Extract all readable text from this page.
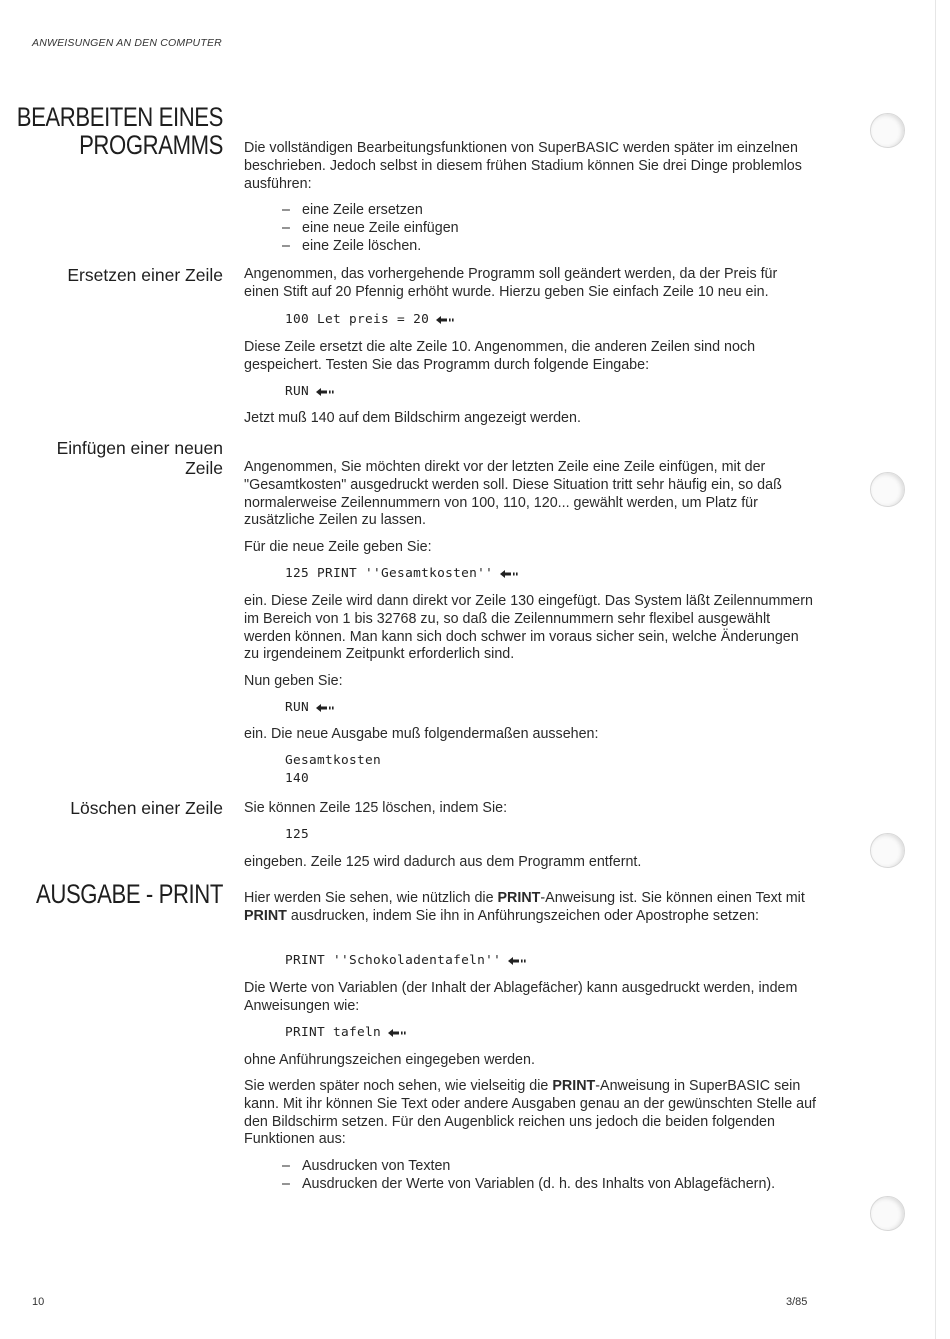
ANWEISUNGEN AN DEN COMPUTER
BEARBEITEN EINES
PROGRAMMS Die vollständigen Bearbeitungsfunktionen von SuperBASIC werden später im einzelnen beschrieben. Jedoch selbst in diesem frühen Stadium können Sie drei Dinge problemlos ausführen:
– eine Zeile ersetzen
– eine neue Zeile einfügen
– eine Zeile löschen.
Ersetzen einer Zeile Angenommen, das vorhergehende Programm soll geändert werden, da der Preis für einen Stift auf 20 Pfennig erhöht wurde. Hierzu geben Sie einfach Zeile 10 neu ein.
100 Let preis = 20
Diese Zeile ersetzt die alte Zeile 10. Angenommen, die anderen Zeilen sind noch gespeichert. Testen Sie das Programm durch folgende Eingabe:
RUN
Jetzt muß 140 auf dem Bildschirm angezeigt werden.
Einfügen einer neuen
Zeile Angenommen, Sie möchten direkt vor der letzten Zeile eine Zeile einfügen, mit der "Gesamtkosten" ausgedruckt werden soll. Diese Situation tritt sehr häufig ein, so daß normalerweise Zeilennummern von 100, 110, 120... gewählt werden, um Platz für zusätzliche Zeilen zu lassen.
Für die neue Zeile geben Sie:
125 PRINT ''Gesamtkosten''
ein. Diese Zeile wird dann direkt vor Zeile 130 eingefügt. Das System läßt Zeilennummern im Bereich von 1 bis 32768 zu, so daß die Zeilennummern sehr flexibel ausgewählt werden können. Man kann sich doch schwer im voraus sicher sein, welche Änderungen zu irgendeinem Zeitpunkt erforderlich sind.
Nun geben Sie:
RUN
ein. Die neue Ausgabe muß folgendermaßen aussehen:
Gesamtkosten
140
Löschen einer Zeile Sie können Zeile 125 löschen, indem Sie:
125
eingeben. Zeile 125 wird dadurch aus dem Programm entfernt.
AUSGABE - PRINT Hier werden Sie sehen, wie nützlich die PRINT-Anweisung ist. Sie können einen Text mit PRINT ausdrucken, indem Sie ihn in Anführungszeichen oder Apostrophe setzen:
PRINT ''Schokoladentafeln''
Die Werte von Variablen (der Inhalt der Ablagefächer) kann ausgedruckt werden, indem Anweisungen wie:
PRINT tafeln
ohne Anführungszeichen eingegeben werden.
Sie werden später noch sehen, wie vielseitig die PRINT-Anweisung in SuperBASIC sein kann. Mit ihr können Sie Text oder andere Ausgaben genau an der gewünschten Stelle auf den Bildschirm setzen. Für den Augenblick reichen uns jedoch die beiden folgenden Funktionen aus:
– Ausdrucken von Texten
– Ausdrucken der Werte von Variablen (d. h. des Inhalts von Ablagefächern).
10	3/85
